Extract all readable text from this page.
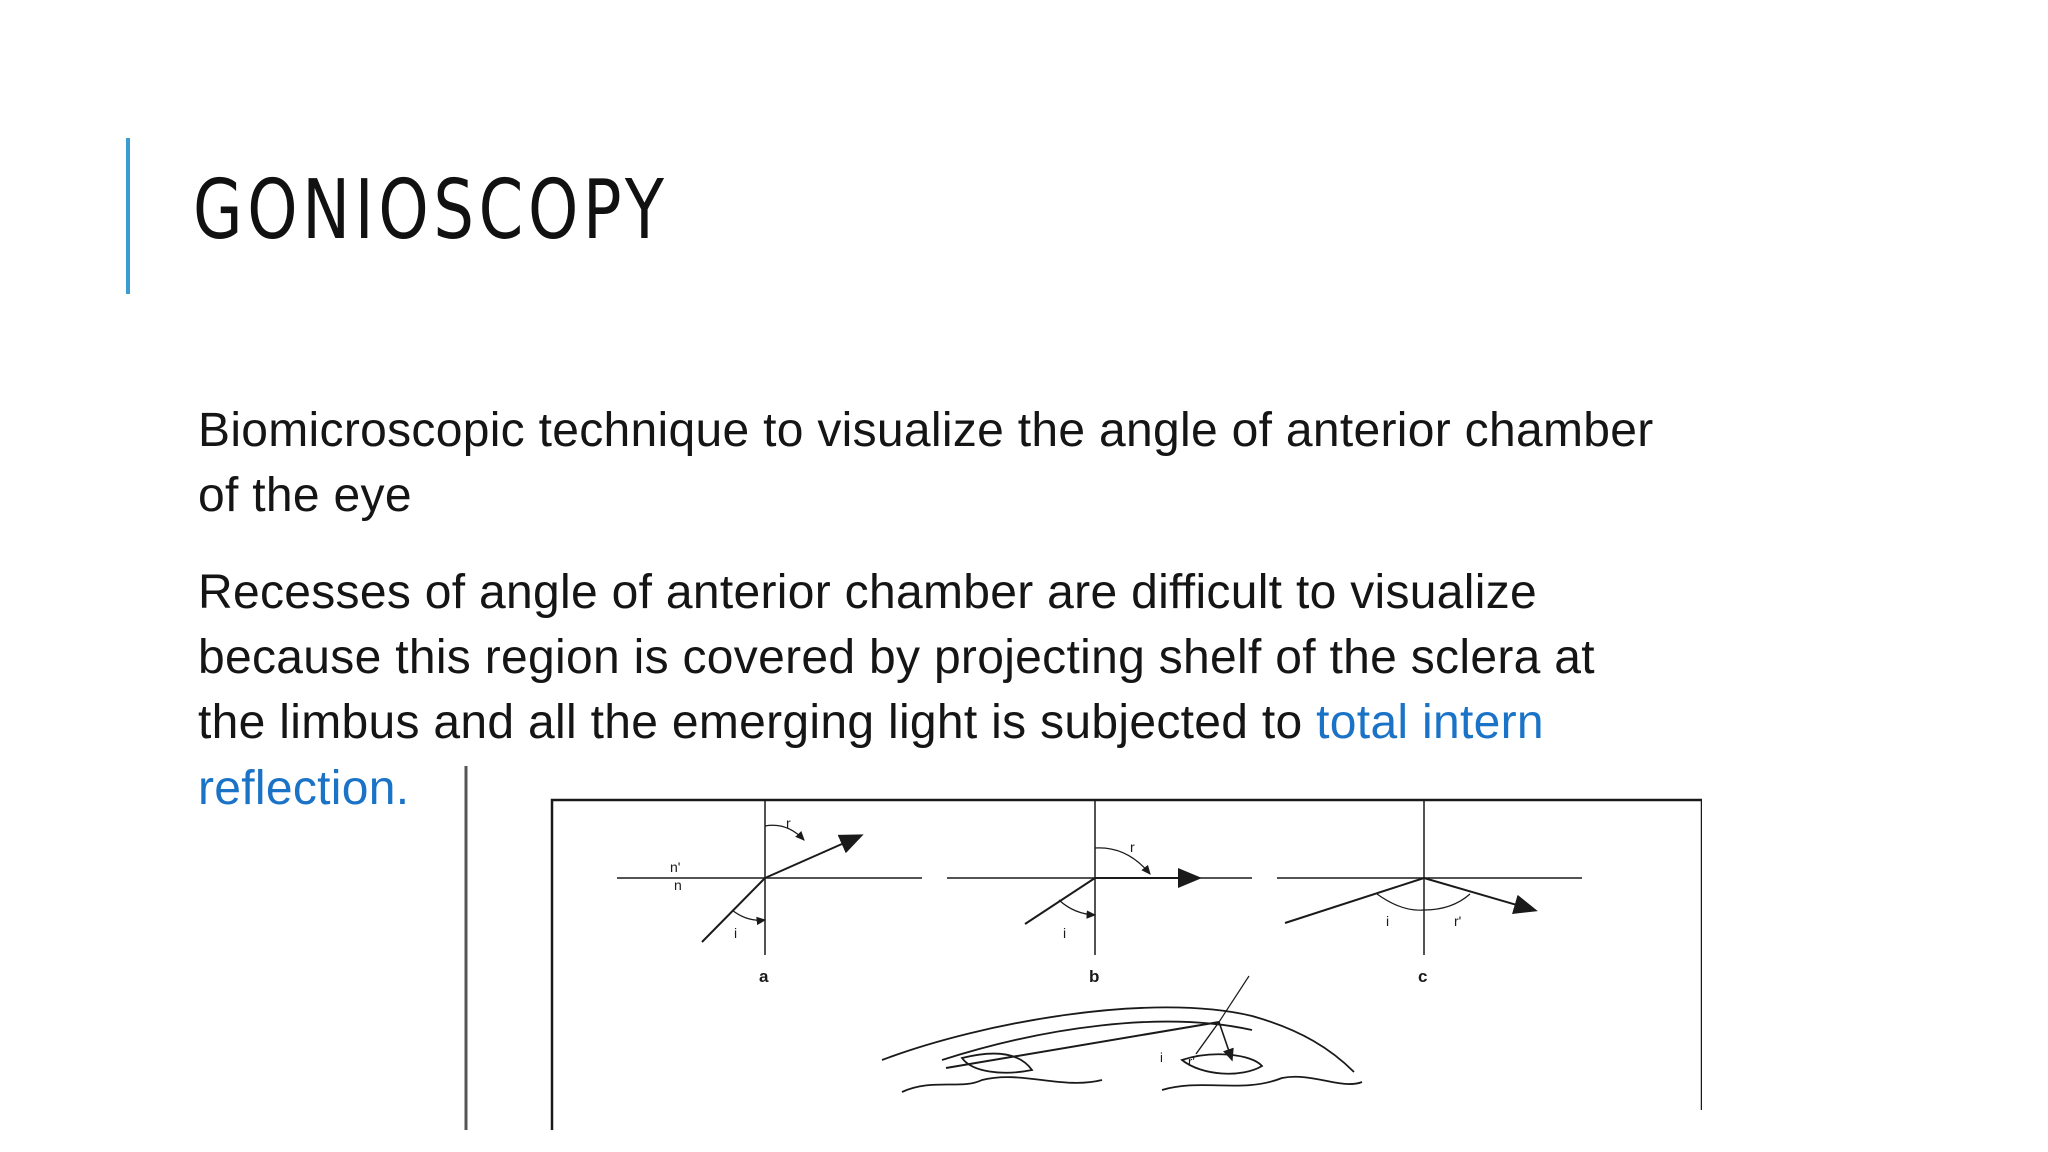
GONIOSCOPY

Biomicroscopic technique to visualize the angle of anterior chamber
of the eye

Recesses of angle of anterior chamber are difficult to visualize
because this region is covered by projecting shelf of the sclera at
the limbus and all the emerging light is subjected to total intern

reflection.

r
n'
n
i
a
r
i
b
i	r'
c
i r'
